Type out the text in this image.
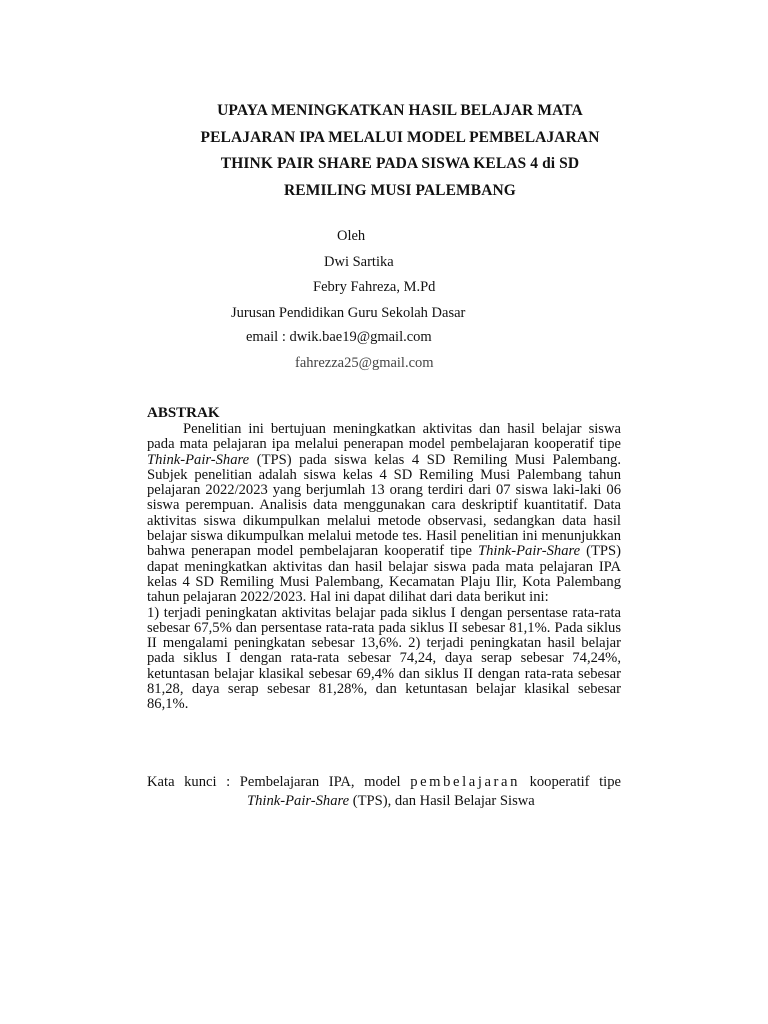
UPAYA MENINGKATKAN HASIL BELAJAR MATA
PELAJARAN IPA MELALUI MODEL PEMBELAJARAN
THINK PAIR SHARE PADA SISWA KELAS 4 di SD
REMILING MUSI PALEMBANG
Oleh
Dwi Sartika
Febry Fahreza, M.Pd
Jurusan Pendidikan Guru Sekolah Dasar
email : dwik.bae19@gmail.com
fahrezza25@gmail.com
ABSTRAK

Penelitian ini bertujuan meningkatkan aktivitas dan hasil belajar siswa pada mata pelajaran ipa melalui penerapan model pembelajaran kooperatif tipe Think-Pair-Share (TPS) pada siswa kelas 4 SD Remiling Musi Palembang. Subjek penelitian adalah siswa kelas 4 SD Remiling Musi Palembang tahun pelajaran 2022/2023 yang berjumlah 13 orang terdiri dari 07 siswa laki-laki 06 siswa perempuan. Analisis data menggunakan cara deskriptif kuantitatif. Data aktivitas siswa dikumpulkan melalui metode observasi, sedangkan data hasil belajar siswa dikumpulkan melalui metode tes. Hasil penelitian ini menunjukkan bahwa penerapan model pembelajaran kooperatif tipe Think-Pair-Share (TPS) dapat meningkatkan aktivitas dan hasil belajar siswa pada mata pelajaran IPA kelas 4 SD Remiling Musi Palembang, Kecamatan Plaju Ilir, Kota Palembang tahun pelajaran 2022/2023. Hal ini dapat dilihat dari data berikut ini:

1) terjadi peningkatan aktivitas belajar pada siklus I dengan persentase rata-rata sebesar 67,5% dan persentase rata-rata pada siklus II sebesar 81,1%. Pada siklus II mengalami peningkatan sebesar 13,6%. 2) terjadi peningkatan hasil belajar pada siklus I dengan rata-rata sebesar 74,24, daya serap sebesar 74,24%, ketuntasan belajar klasikal sebesar 69,4% dan siklus II dengan rata-rata sebesar 81,28, daya serap sebesar 81,28%, dan ketuntasan belajar klasikal sebesar 86,1%.

Kata kunci : Pembelajaran IPA, model pembelajaran kooperatif tipe
Think-Pair-Share (TPS), dan Hasil Belajar Siswa
